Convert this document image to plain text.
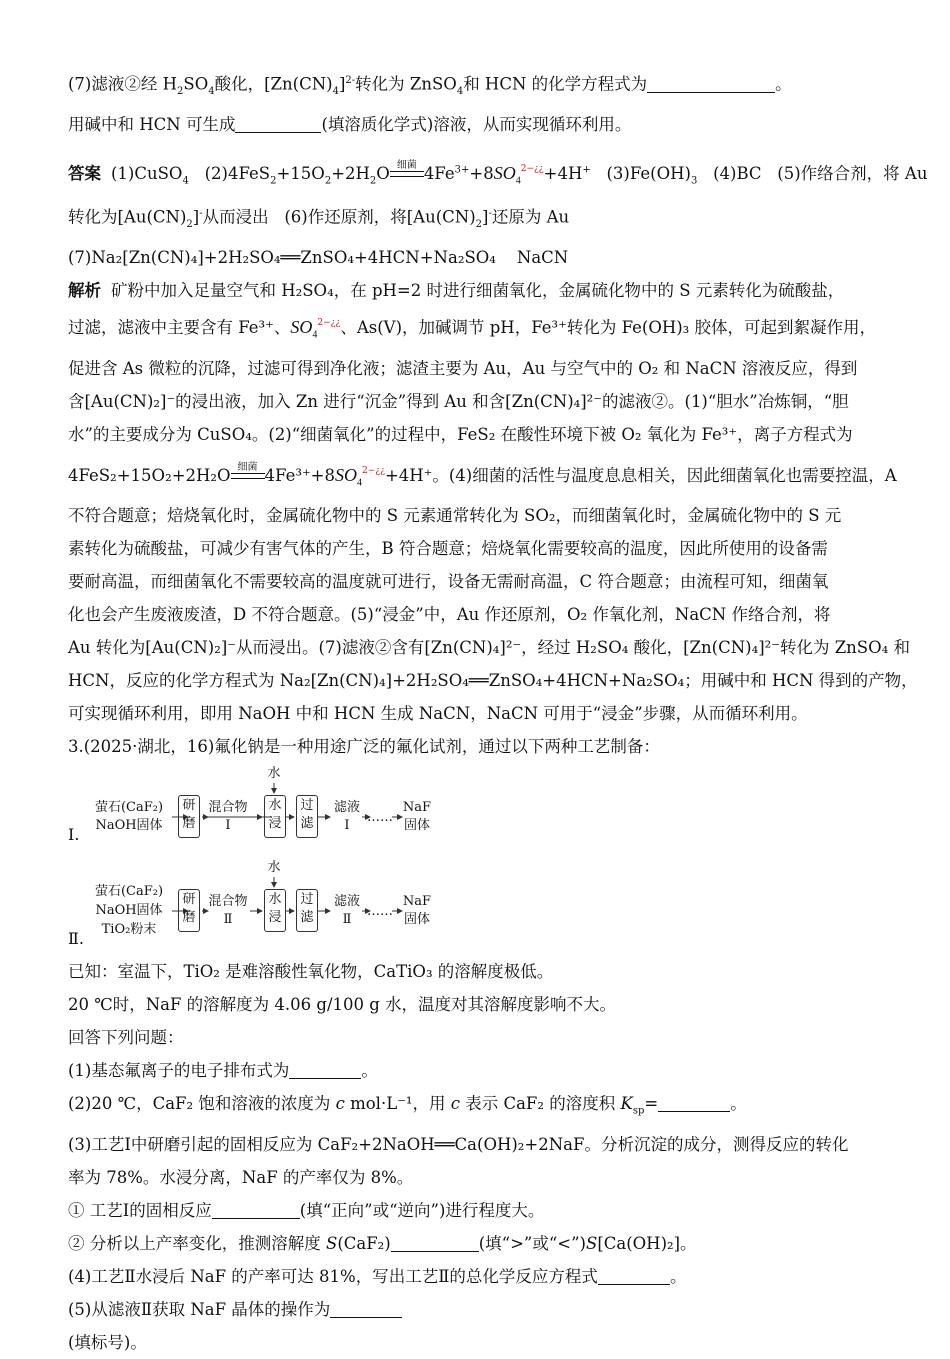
(7)滤液②经 $H_2SO_4$酸化，$[Zn(CN)_4]^{2-}$转化为 ZnSO$_4$和 HCN 的化学方程式为	。

用碱中和 HCN 可生成	(填溶质化学式)溶液，从而实现循环利用。

答案 (1)CuSO$_4$ $(2)4FeS_2+15O_2+2H_2O$ 细菌 $4Fe^{3+}+8SO_4^{2-¿¿}+4H^+$ $(3)Fe(OH)_3$ (4)BC (5)作络合剂，将 Au

转化为$[Au(CN)_2]^-$从而浸出 (6)作还原剂，将$[Au(CN)_2]^-$还原为 Au

(7)Na₂[Zn(CN)₄]+2H₂SO₄══ZnSO₄+4HCN+Na₂SO₄ NaCN

解析 矿粉中加入足量空气和 H₂SO₄，在 pH=2 时进行细菌氧化，金属硫化物中的 S 元素转化为硫酸盐，

过滤，滤液中主要含有 Fe³⁺、$SO_4^{2-¿¿}$、As(Ⅴ)，加碱调节 pH，Fe³⁺转化为 Fe(OH)₃ 胶体，可起到絮凝作用，

促进含 As 微粒的沉降，过滤可得到净化液；滤渣主要为 Au，Au 与空气中的 O₂ 和 NaCN 溶液反应，得到

含[Au(CN)₂]⁻的浸出液，加入 Zn 进行“沉金”得到 Au 和含[Zn(CN)₄]²⁻的滤液②。(1)“胆水”冶炼铜，“胆

水”的主要成分为 CuSO₄。(2)“细菌氧化”的过程中，FeS₂ 在酸性环境下被 O₂ 氧化为 Fe³⁺，离子方程式为

4FeS₂+15O₂+2H₂O 细菌 $4Fe^{3+}+8SO_4^{2-¿¿}+4H^+$。(4)细菌的活性与温度息息相关，因此细菌氧化也需要控温，A

不符合题意；焙烧氧化时，金属硫化物中的 S 元素通常转化为 SO₂，而细菌氧化时，金属硫化物中的 S 元

素转化为硫酸盐，可减少有害气体的产生，B 符合题意；焙烧氧化需要较高的温度，因此所使用的设备需

要耐高温，而细菌氧化不需要较高的温度就可进行，设备无需耐高温，C 符合题意；由流程可知，细菌氧

化也会产生废液废渣，D 不符合题意。(5)“浸金”中，Au 作还原剂，O₂ 作氧化剂，NaCN 作络合剂，将

Au 转化为[Au(CN)₂]⁻从而浸出。(7)滤液②含有[Zn(CN)₄]²⁻，经过 H₂SO₄ 酸化，[Zn(CN)₄]²⁻转化为 ZnSO₄ 和

HCN，反应的化学方程式为 Na₂[Zn(CN)₄]+2H₂SO₄══ZnSO₄+4HCN+Na₂SO₄；用碱中和 HCN 得到的产物，

可实现循环利用，即用 NaOH 中和 HCN 生成 NaCN，NaCN 可用于“浸金”步骤，从而循环利用。

3.(2025·湖北，16)氟化钠是一种用途广泛的氟化试剂，通过以下两种工艺制备：

Ⅰ.
萤石(CaF₂)
NaOH固体
研磨
混合物
Ⅰ
水
水浸
过滤
滤液
Ⅰ
……
NaF
固体
Ⅱ.
萤石(CaF₂)
NaOH固体
TiO₂粉末
研磨
混合物
Ⅱ
水
水浸
过滤
滤液
Ⅱ
……
NaF
固体

已知：室温下，TiO₂ 是难溶酸性氧化物，CaTiO₃ 的溶解度极低。

20 ℃时，NaF 的溶解度为 4.06 g/100 g 水，温度对其溶解度影响不大。

回答下列问题：

(1)基态氟离子的电子排布式为	。

(2)20 ℃，CaF₂ 饱和溶液的浓度为 c mol·L⁻¹，用 c 表示 CaF₂ 的溶度积 $K_{sp}=$	。

(3)工艺Ⅰ中研磨引起的固相反应为 CaF₂+2NaOH══Ca(OH)₂+2NaF。分析沉淀的成分，测得反应的转化

率为 78%。水浸分离，NaF 的产率仅为 8%。

① 工艺Ⅰ的固相反应	(填“正向”或“逆向”)进行程度大。

② 分析以上产率变化，推测溶解度 S(CaF₂)	(填“>”或“<”)S[Ca(OH)₂]。

(4)工艺Ⅱ水浸后 NaF 的产率可达 81%，写出工艺Ⅱ的总化学反应方程式	。

(5)从滤液Ⅱ获取 NaF 晶体的操作为

(填标号)。
